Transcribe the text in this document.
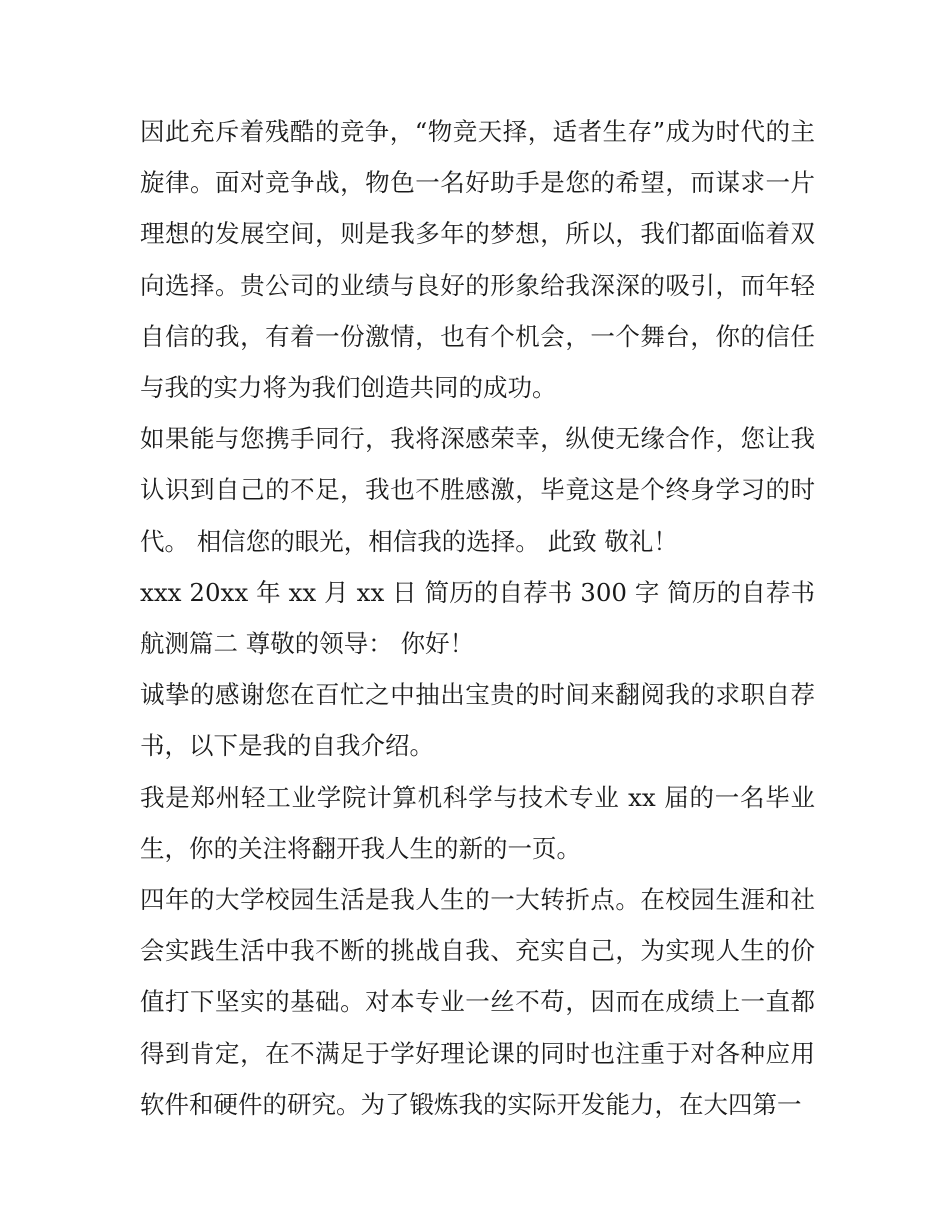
因此充斥着残酷的竞争，“物竞天择，适者生存”成为时代的主旋律。面对竞争战，物色一名好助手是您的希望，而谋求一片理想的发展空间，则是我多年的梦想，所以，我们都面临着双向选择。贵公司的业绩与良好的形象给我深深的吸引，而年轻自信的我，有着一份激情，也有个机会，一个舞台，你的信任与我的实力将为我们创造共同的成功。

如果能与您携手同行，我将深感荣幸，纵使无缘合作，您让我认识到自己的不足，我也不胜感激，毕竟这是个终身学习的时代。 相信您的眼光，相信我的选择。 此致 敬礼！

xxx 20xx 年 xx 月 xx 日 简历的自荐书 300 字 简历的自荐书航测篇二 尊敬的领导： 你好！

诚挚的感谢您在百忙之中抽出宝贵的时间来翻阅我的求职自荐书，以下是我的自我介绍。

我是郑州轻工业学院计算机科学与技术专业 xx 届的一名毕业生，你的关注将翻开我人生的新的一页。

四年的大学校园生活是我人生的一大转折点。在校园生涯和社会实践生活中我不断的挑战自我、充实自己，为实现人生的价值打下坚实的基础。对本专业一丝不苟，因而在成绩上一直都得到肯定，在不满足于学好理论课的同时也注重于对各种应用软件和硬件的研究。为了锻炼我的实际开发能力，在大四第一
